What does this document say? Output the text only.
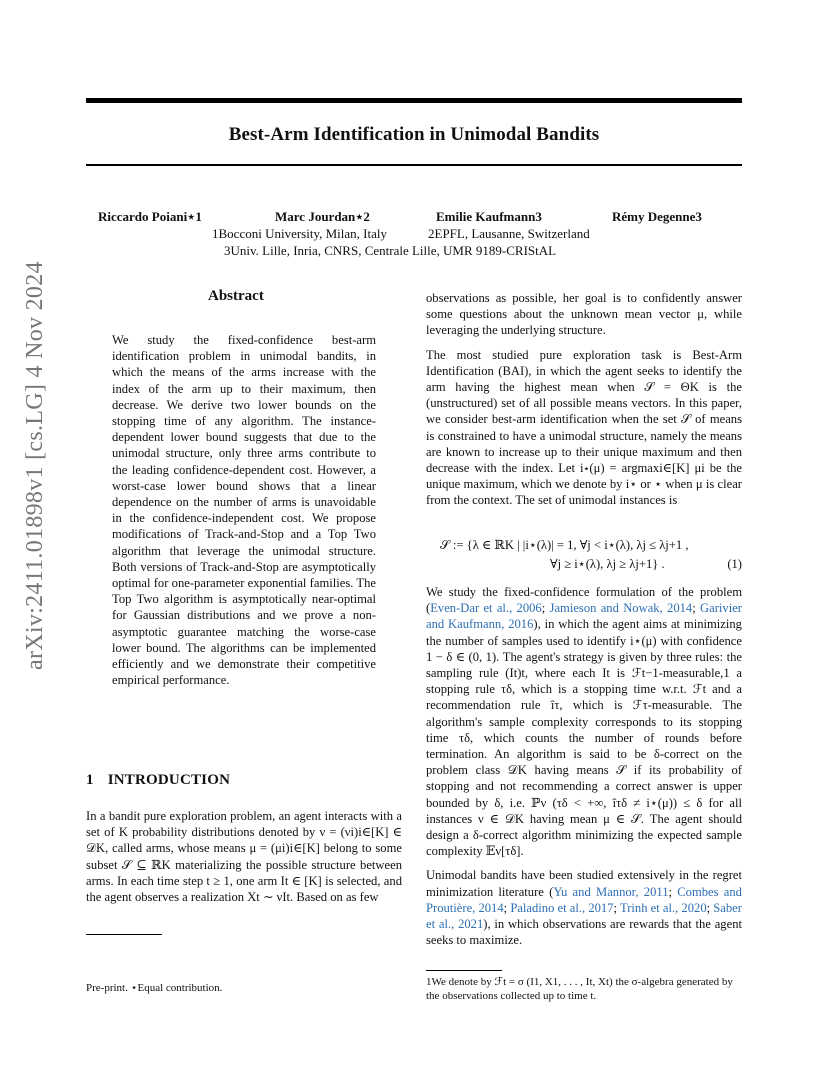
Best-Arm Identification in Unimodal Bandits
Riccardo Poiani⋆1	Marc Jourdan⋆2	Emilie Kaufmann3	Rémy Degenne3
1Bocconi University, Milan, Italy	2EPFL, Lausanne, Switzerland
3Univ. Lille, Inria, CNRS, Centrale Lille, UMR 9189-CRIStAL
arXiv:2411.01898v1 [cs.LG] 4 Nov 2024	Abstract
We study the fixed-confidence best-arm identification problem in unimodal bandits, in which the means of the arms increase with the index of the arm up to their maximum, then decrease. We derive two lower bounds on the stopping time of any algorithm. The instance-dependent lower bound suggests that due to the unimodal structure, only three arms contribute to the leading confidence-dependent cost. However, a worst-case lower bound shows that a linear dependence on the number of arms is unavoidable in the confidence-independent cost. We propose modifications of Track-and-Stop and a Top Two algorithm that leverage the unimodal structure. Both versions of Track-and-Stop are asymptotically optimal for one-parameter exponential families. The Top Two algorithm is asymptotically near-optimal for Gaussian distributions and we prove a non-asymptotic guarantee matching the worse-case lower bound. The algorithms can be implemented efficiently and we demonstrate their competitive empirical performance.
1 INTRODUCTION
In a bandit pure exploration problem, an agent interacts with a set of K probability distributions denoted by ν = (νi)i∈[K] ∈ 𝒟K, called arms, whose means μ = (μi)i∈[K] belong to some subset 𝒮 ⊆ ℝK materializing the possible structure between arms. In each time step t ≥ 1, one arm It ∈ [K] is selected, and the agent observes a realization Xt ∼ νIt. Based on as few
Pre-print. ⋆Equal contribution.

observations as possible, her goal is to confidently answer some questions about the unknown mean vector μ, while leveraging the underlying structure.

The most studied pure exploration task is Best-Arm Identification (BAI), in which the agent seeks to identify the arm having the highest mean when 𝒮 = ΘK is the (unstructured) set of all possible means vectors. In this paper, we consider best-arm identification when the set 𝒮 of means is constrained to have a unimodal structure, namely the means are known to increase up to their unique maximum and then decrease with the index. Let i⋆(μ) = argmaxi∈[K] μi be the unique maximum, which we denote by i⋆ or ⋆ when μ is clear from the context. The set of unimodal instances is

𝒮 := {λ ∈ ℝK | |i⋆(λ)| = 1, ∀j < i⋆(λ), λj ≤ λj+1 ,
∀j ≥ i⋆(λ), λj ≥ λj+1} .	(1)

We study the fixed-confidence formulation of the problem (Even-Dar et al., 2006; Jamieson and Nowak, 2014; Garivier and Kaufmann, 2016), in which the agent aims at minimizing the number of samples used to identify i⋆(μ) with confidence 1 − δ ∈ (0, 1). The agent's strategy is given by three rules: the sampling rule (It)t, where each It is ℱt−1-measurable,1 a stopping rule τδ, which is a stopping time w.r.t. ℱt and a recommendation rule îτ, which is ℱτ-measurable. The algorithm's sample complexity corresponds to its stopping time τδ, which counts the number of rounds before termination. An algorithm is said to be δ-correct on the problem class 𝒟K having means 𝒮 if its probability of stopping and not recommending a correct answer is upper bounded by δ, i.e. ℙν (τδ < +∞, îτδ ≠ i⋆(μ)) ≤ δ for all instances ν ∈ 𝒟K having mean μ ∈ 𝒮. The agent should design a δ-correct algorithm minimizing the expected sample complexity 𝔼ν[τδ].

Unimodal bandits have been studied extensively in the regret minimization literature (Yu and Mannor, 2011; Combes and Proutière, 2014; Paladino et al., 2017; Trinh et al., 2020; Saber et al., 2021), in which observations are rewards that the agent seeks to maximize.

1We denote by ℱt = σ (I1, X1, . . . , It, Xt) the σ-algebra generated by the observations collected up to time t.
